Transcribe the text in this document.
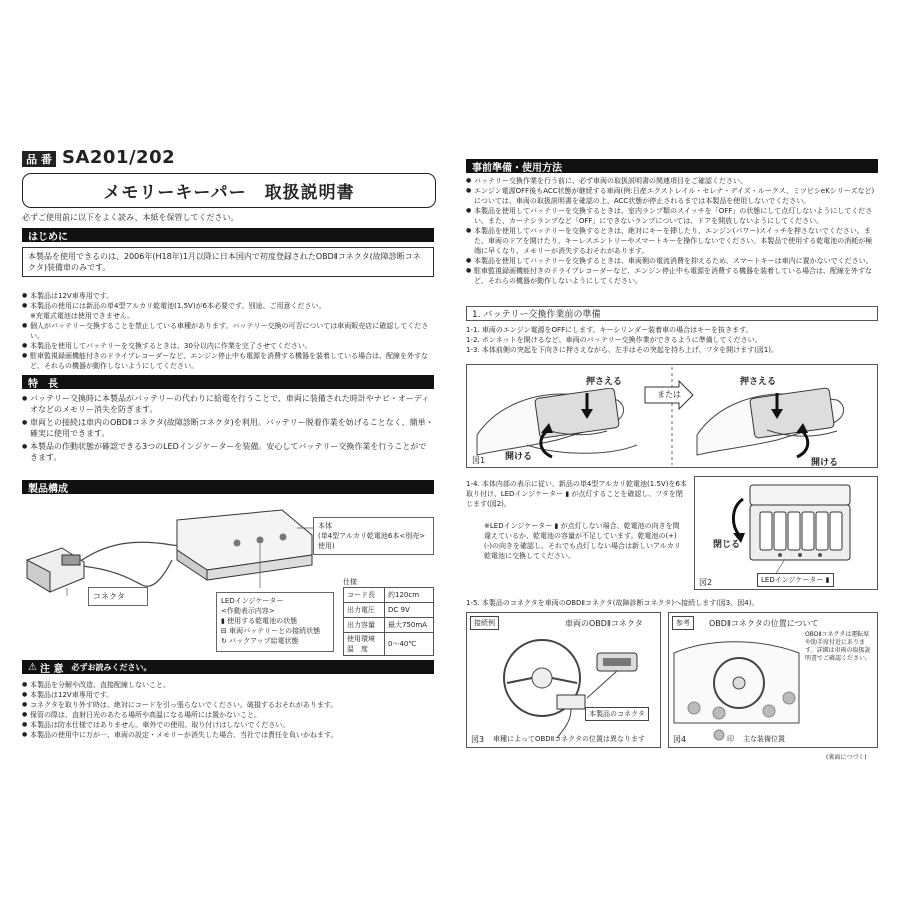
品 番 SA201/202
メモリーキーパー　取扱説明書
必ずご使用前に以下をよく読み、本紙を保管してください。
はじめに
本製品を使用できるのは、2006年(H18年)1月以降に日本国内で初度登録されたOBDⅡコネクタ(故障診断コネクタ)装備車のみです。
● 本製品は12V車専用です。
● 本製品の使用には新品の単4型アルカリ乾電池(1.5V)が6本必要です。別途、ご用意ください。
※充電式電池は使用できません。
● 個人がバッテリー交換することを禁止している車種があります。バッテリー交換の可否については車両販売店に確認してください。
● 本製品を使用してバッテリーを交換するときは、30分以内に作業を完了させてください。
● 駐車監視録画機能付きのドライブレコーダーなど、エンジン停止中も電源を消費する機器を装着している場合は、配線を外すなど、それらの機器が動作しないようにしてください。
特　長
● バッテリー交換時に本製品がバッテリーの代わりに給電を行うことで、車両に装備された時計やナビ・オーディオなどのメモリー消失を防ぎます。
● 車両との接続は車内のOBDⅡコネクタ(故障診断コネクタ)を利用。バッテリー脱着作業を妨げることなく、簡単・確実に使用できます。
● 本製品の作動状態が確認できる3つのLEDインジケーターを装備。安心してバッテリー交換作業を行うことができます。
製品構成
本体
(単4型アルカリ乾電池6本<別売>使用)
コネクタ	LEDインジケーター
<作動表示内容>
▮ 使用する乾電池の状態
⊟ 車両バッテリーとの接続状態
↻ バックアップ給電状態
仕様
コード長	約120cm
出力電圧	DC 9V
出力容量	最大750mA
使用環境温　度	0〜40℃
⚠ 注 意 必ずお読みください。
● 本製品を分解や改造、直接配線しないこと。
● 本製品は12V車専用です。
● コネクタを取り外す時は、絶対にコードを引っ張らないでください。破損するおそれがあります。
● 保管の際は、直射日光のあたる場所や高温になる場所には置かないこと。
● 本製品は防水仕様ではありません。車外での使用、取り付けはしないでください。
● 本製品の使用中に万が一、車両の設定・メモリーが消失した場合、当社では責任を負いかねます。
事前準備・使用方法
● バッテリー交換作業を行う前に、必ず車両の取扱説明書の関連項目をご確認ください。
● エンジン電源OFF後もACC状態が継続する車両(例:日産エクストレイル・セレナ・デイズ・ルークス、ミツビシeKシリーズなど)については、車両の取扱説明書を確認の上、ACC状態が停止されるまでは本製品を使用しないでください。
● 本製品を使用してバッテリーを交換するときは、室内ランプ類のスイッチを「OFF」の状態にして点灯しないようにしてください。また、カーテシランプなど「OFF」にできないランプについては、ドアを開放しないようにしてください。
● 本製品を使用してバッテリーを交換するときは、絶対にキーを挿したり、エンジン(パワー)スイッチを押さないでください。また、車両のドアを開けたり、キーレスエントリーやスマートキーを操作しないでください。本製品で使用する乾電池の消耗が極端に早くなり、メモリーが消失するおそれがあります。
● 本製品を使用してバッテリーを交換するときは、車両側の電流消費を抑えるため、スマートキーは車内に置かないでください。
● 駐車監視録画機能付きのドライブレコーダーなど、エンジン停止中も電源を消費する機器を装着している場合は、配線を外すなど、それらの機器が動作しないようにしてください。
1. バッテリー交換作業前の準備
1-1. 車両のエンジン電源をOFFにします。キーシリンダー装着車の場合はキーを抜きます。
1-2. ボンネットを開けるなど、車両のバッテリー交換作業ができるように準備してください。
1-3. 本体前側の突起を下向きに押さえながら、左手はその突起を持ち上げ、フタを開けます(図1)。
押さえる
または
押さえる
開ける
開ける
図1
1-4. 本体内部の表示に従い、新品の単4型アルカリ乾電池(1.5V)を6本取り付け、LEDインジケーター ▮ が点灯することを確認し、フタを閉じます(図2)。
※LEDインジケーター ▮ が点灯しない場合、乾電池の向きを間違えているか、乾電池の容量が不足しています。乾電池の(+)(-)の向きを確認し、それでも点灯しない場合は新しいアルカリ乾電池に交換してください。
閉じる
LEDインジケーター ▮
図2
1-5. 本製品のコネクタを車両のOBDⅡコネクタ(故障診断コネクタ)へ接続します(図3、図4)。
接続例	車両のOBDⅡコネクタ
本製品のコネクタ
図3 車種によってOBDⅡコネクタの位置は異なります
参考	OBDⅡコネクタの位置について
OBDⅡコネクタは運転席や助手席付近にあります。詳細は車両の取扱説明書でご確認ください。
図4	印 主な装備位置
(裏面につづく)
